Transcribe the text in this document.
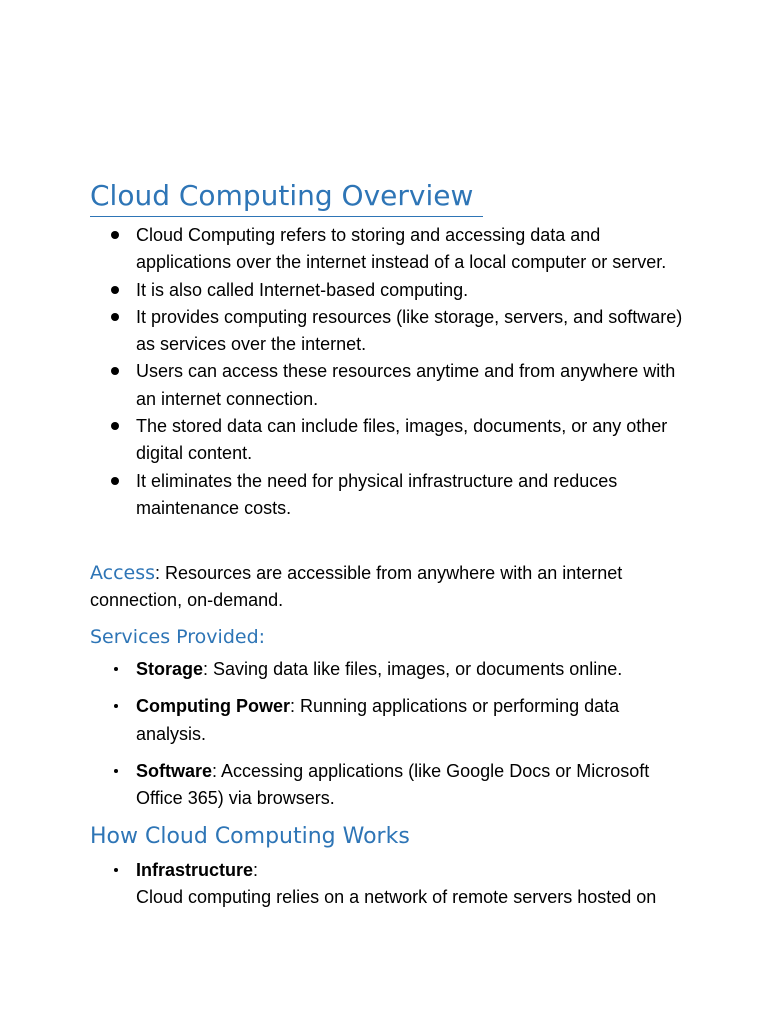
Cloud Computing Overview
Cloud Computing refers to storing and accessing data and applications over the internet instead of a local computer or server.
It is also called Internet-based computing.
It provides computing resources (like storage, servers, and software) as services over the internet.
Users can access these resources anytime and from anywhere with an internet connection.
The stored data can include files, images, documents, or any other digital content.
It eliminates the need for physical infrastructure and reduces maintenance costs.

Access: Resources are accessible from anywhere with an internet connection, on-demand.

Services Provided:
Storage: Saving data like files, images, or documents online.
Computing Power: Running applications or performing data analysis.
Software: Accessing applications (like Google Docs or Microsoft Office 365) via browsers.
How Cloud Computing Works
Infrastructure:
Cloud computing relies on a network of remote servers hosted on
